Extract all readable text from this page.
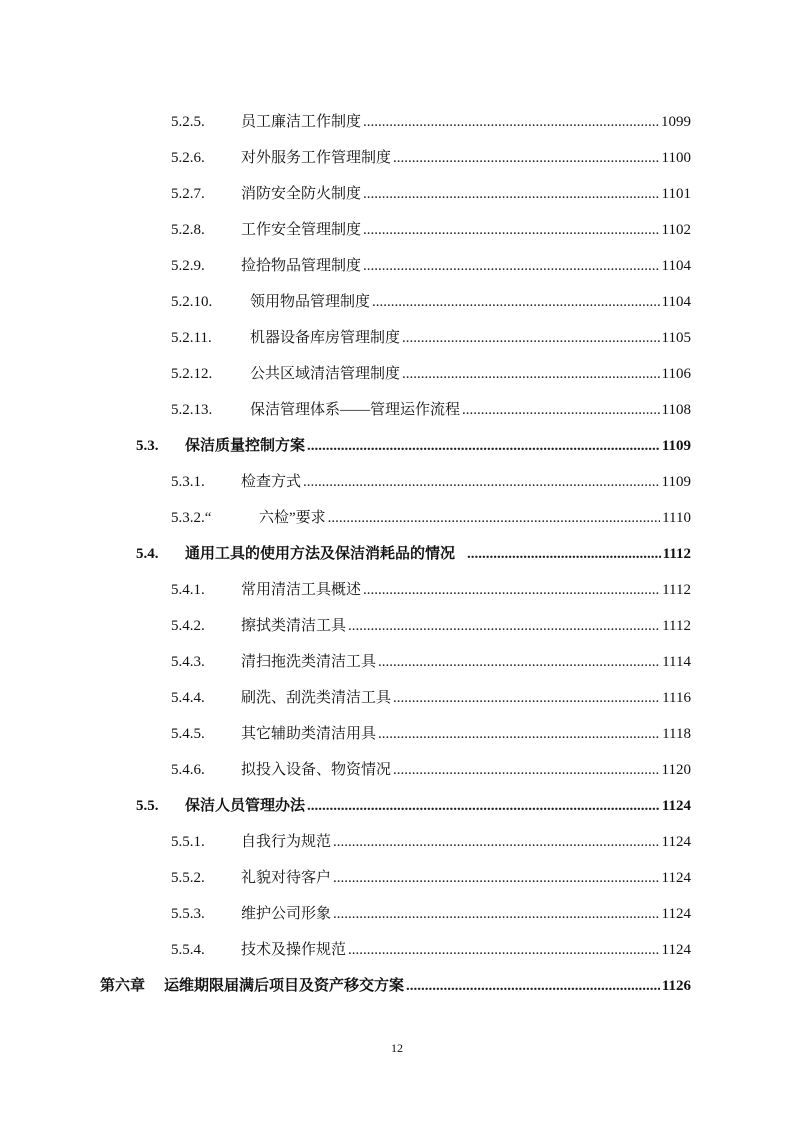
5.2.5.	员工廉洁工作制度 .....	1099
5.2.6.	对外服务工作管理制度 .....	1100
5.2.7.	消防安全防火制度 .....	1101
5.2.8.	工作安全管理制度 .....	1102
5.2.9.	捡拾物品管理制度 .....	1104
5.2.10.	领用物品管理制度 .....	1104
5.2.11.	机器设备库房管理制度 .....	1105
5.2.12.	公共区域清洁管理制度 .....	1106
5.2.13.	保洁管理体系——管理运作流程 .....	1108
5.3.	保洁质量控制方案 .....	1109
5.3.1.	检查方式 .....	1109
5.3.2.“	六检”要求 .....	1110
5.4.	通用工具的使用方法及保洁消耗品的情况 .....	1112
5.4.1.	常用清洁工具概述 .....	1112
5.4.2.	擦拭类清洁工具 .....	1112
5.4.3.	清扫拖洗类清洁工具 .....	1114
5.4.4.	刷洗、刮洗类清洁工具 .....	1116
5.4.5.	其它辅助类清洁用具 .....	1118
5.4.6.	拟投入设备、物资情况 .....	1120
5.5.	保洁人员管理办法 .....	1124
5.5.1.	自我行为规范 .....	1124
5.5.2.	礼貌对待客户 .....	1124
5.5.3.	维护公司形象 .....	1124
5.5.4.	技术及操作规范 .....	1124
第六章	运维期限届满后项目及资产移交方案 .....	1126
12
